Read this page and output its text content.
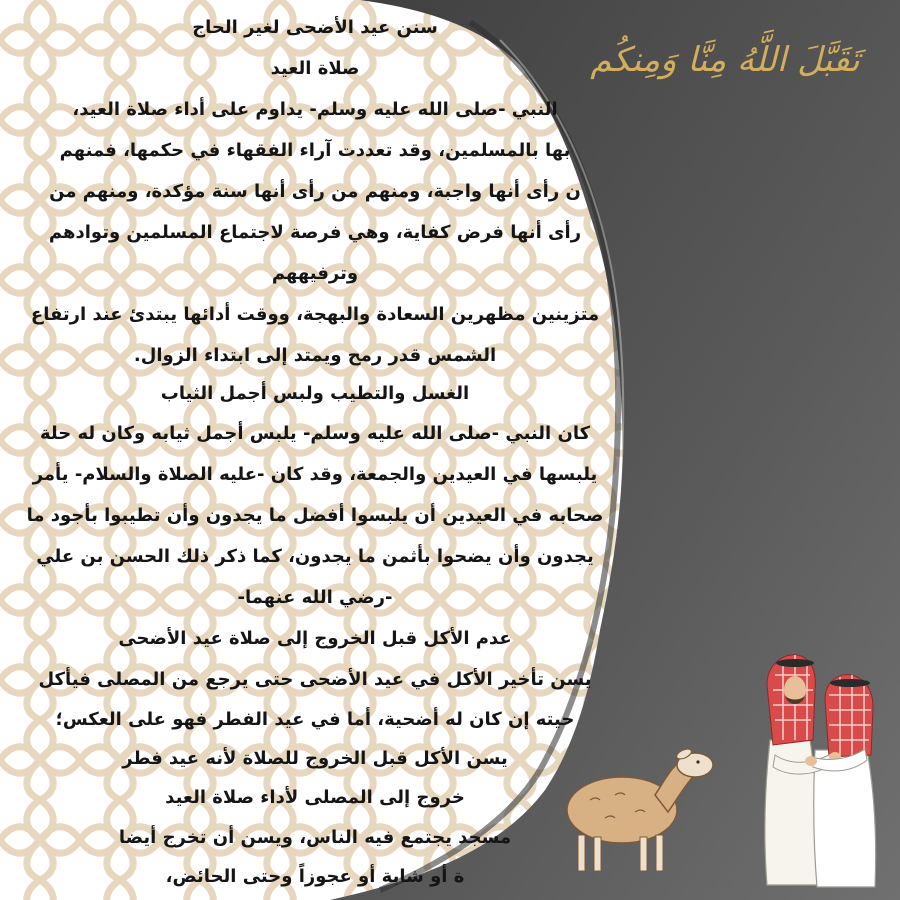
تَقَبَّلَ اللَّهُ مِنَّا وَمِنكُم
سنن عيد الأضحى لغير الحاج
صلاة العيد
النبي -صلى الله عليه وسلم- يداوم على أداء صلاة العيد،
بها بالمسلمين، وقد تعددت آراء الفقهاء في حكمها، فمنهم
ن رأى أنها واجبة، ومنهم من رأى أنها سنة مؤكدة، ومنهم من
رأى أنها فرض كفاية، وهي فرصة لاجتماع المسلمين وتوادهم
وترفيههم
متزينين مظهرين السعادة والبهجة، ووقت أدائها يبتدئ عند ارتفاع
الشمس قدر رمح ويمتد إلى ابتداء الزوال.
الغسل والتطيب ولبس أجمل الثياب
كان النبي -صلى الله عليه وسلم- يلبس أجمل ثيابه وكان له حلة
يلبسها في العيدين والجمعة، وقد كان -عليه الصلاة والسلام- يأمر
صحابه في العيدين أن يلبسوا أفضل ما يجدون وأن تطيبوا بأجود ما
يجدون وأن يضحوا بأثمن ما يجدون، كما ذكر ذلك الحسن بن علي
-رضي الله عنهما-
عدم الأكل قبل الخروج إلى صلاة عيد الأضحى
يسن تأخير الأكل في عيد الأضحى حتى يرجع من المصلى فيأكل
حيته إن كان له أضحية، أما في عيد الفطر فهو على العكس؛
يسن الأكل قبل الخروج للصلاة لأنه عيد فطر
خروج إلى المصلى لأداء صلاة العيد
مسجد يجتمع فيه الناس، ويسن أن تخرج أيضا
ة أو شابة أو عجوزاً وحتى الحائض،
